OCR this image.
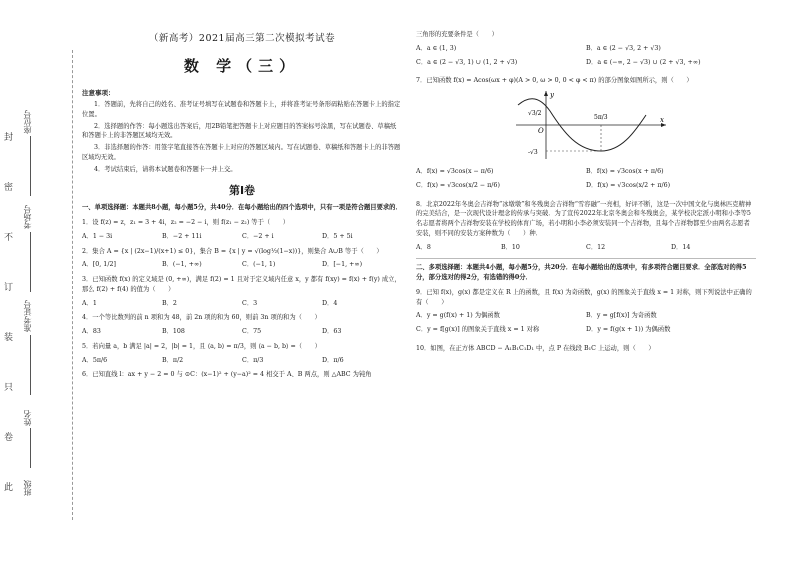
封
密
不
订
装
只
卷
此
座位号
考场号
准考证号
姓名
班级
（新高考）2021届高三第二次模拟考试卷
数 学（三）
注意事项：
1．答题前，先将自己的姓名、准考证号填写在试题卷和答题卡上，并将准考证号条形码粘贴在答题卡上的指定位置。
2．选择题的作答：每小题选出答案后，用2B铅笔把答题卡上对应题目的答案标号涂黑，写在试题卷、草稿纸和答题卡上的非答题区域均无效。
3．非选择题的作答：用签字笔直接答在答题卡上对应的答题区域内。写在试题卷、草稿纸和答题卡上的非答题区域均无效。
4．考试结束后，请将本试题卷和答题卡一并上交。
第Ⅰ卷
一、单项选择题：本题共8小题，每小题5分，共40分．在每小题给出的四个选项中，只有一项是符合题目要求的．
1．设 f(z) = z，z₁ = 3 + 4i，z₂ = −2 − i，则 f(z₁ − z₂) 等于（　　）
A．1 − 3i	B．−2 + 11i	C．−2 + i	D．5 + 5i
2．集合 A = {x | (2x−1)/(x+1) ≤ 0}，集合 B = {x | y = √(log½(1−x))}，则集合 A∪B 等于（　　）
A．[0, 1/2]	B．(−1, +∞)	C．(−1, 1)	D．[−1, +∞)
3．已知函数 f(x) 的定义域是 (0, +∞)，满足 f(2) = 1 且对于定义域内任意 x，y 都有 f(xy) = f(x) + f(y) 成立，那么 f(2) + f(4) 的值为（　　）
A．1	B．2	C．3	D．4
4．一个等比数列的前 n 项和为 48，前 2n 项的和为 60，则前 3n 项的和为（　　）
A．83	B．108	C．75	D．63
5．若向量 a，b 满足 |a| = 2，|b| = 1，且 ⟨a, b⟩ = π/3，则 ⟨a − b, b⟩ =（　　）
A．5π/6	B．π/2	C．π/3	D．π/6
6．已知直线 l：ax + y − 2 = 0 与 ⊙C：(x−1)² + (y−a)² = 4 相交于 A、B 两点，则 △ABC 为钝角
三角形的充要条件是（　　）
A．a ∈ (1, 3)	B．a ∈ (2 − √3, 2 + √3)
C．a ∈ (2 − √3, 1) ∪ (1, 2 + √3)	D．a ∈ (−∞, 2 − √3) ∪ (2 + √3, +∞)
7．已知函数 f(x) = Acos(ωx + φ)(A > 0, ω > 0, 0 < φ < π) 的部分图象如图所示，则（　　）
y
x
O
√3/2
-√3
5π/3
A．f(x) = √3cos(x − π/6)	B．f(x) = √3cos(x + π/6)
C．f(x) = √3cos(x/2 − π/6)	D．f(x) = √3cos(x/2 + π/6)
8．北京2022年冬奥会吉祥物“冰墩墩”和冬残奥会吉祥物“雪容融”一亮相，好评不断，这是一次中国文化与奥林匹克精神的完美结合，是一次现代设计理念的传承与突破．为了宣传2022年北京冬奥会和冬残奥会，某学校决定派小明和小李等5名志愿者将两个吉祥物安装在学校的体育广场，若小明和小李必须安装同一个吉祥物，且每个吉祥物都至少由两名志愿者安装，则不同的安装方案种数为（　　）种．
A．8	B．10	C．12	D．14
二、多项选择题：本题共4小题，每小题5分，共20分．在每小题给出的选项中，有多项符合题目要求．全部选对的得5分，部分选对的得2分，有选错的得0分．
9．已知 f(x)，g(x) 都是定义在 R 上的函数，且 f(x) 为奇函数，g(x) 的图象关于直线 x = 1 对称，则下列说法中正确的有（　　）
A．y = g(f(x) + 1) 为偶函数	B．y = g[f(x)] 为奇函数
C．y = f[g(x)] 的图象关于直线 x = 1 对称	D．y = f(g(x + 1)) 为偶函数
10．如图，在正方体 ABCD − A₁B₁C₁D₁ 中，点 P 在线段 B₁C 上运动，则（　　）
